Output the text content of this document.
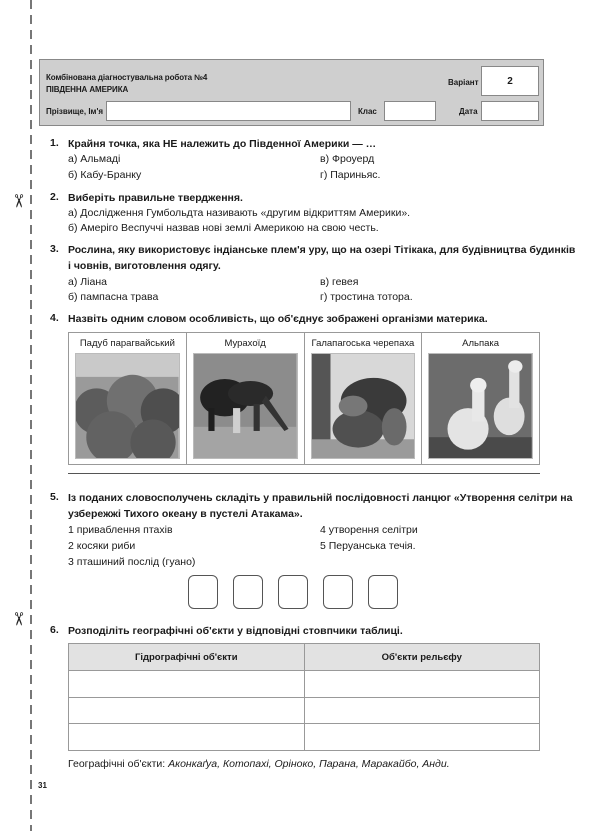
✂
✂
Комбінована діагностувальна робота №4
ПІВДЕННА АМЕРИКА
Варіант	2
Прізвище, Ім'я	Клас	Дата
1. Крайня точка, яка НЕ належить до Південної Америки — …
а) Альмаді	в) Фроуерд
б) Кабу-Бранку	г) Париньяс.
2. Виберіть правильне твердження.
а) Дослідження Гумбольдта називають «другим відкриттям Америки».
б) Амеріго Веспуччі назвав нові землі Америкою на свою честь.
3. Рослина, яку використовує індіанське плем'я уру, що на озері Тітікака, для будівництва будинків
і човнів, виготовлення одягу.
а) Ліана	в) гевея
б) пампасна трава	г) тростина тотора.
4. Назвіть одним словом особливість, що об'єднує зображені організми материка.
Падуб парагвайський	Мурахоїд	Галапагоська черепаха	Альпака
5. Із поданих словосполучень складіть у правильній послідовності ланцюг «Утворення селітри на
узбережжі Тихого океану в пустелі Атакама».
1 приваблення птахів	4 утворення селітри
2 косяки риби	5 Перуанська течія.
3 пташиний послід (гуано)
6. Розподіліть географічні об'єкти у відповідні стовпчики таблиці.
Гідрографічні об'єкти	Об'єкти рельєфу

Географічні об'єкти: Аконкаґуа, Котопахі, Оріноко, Парана, Маракайбо, Анди.
31
